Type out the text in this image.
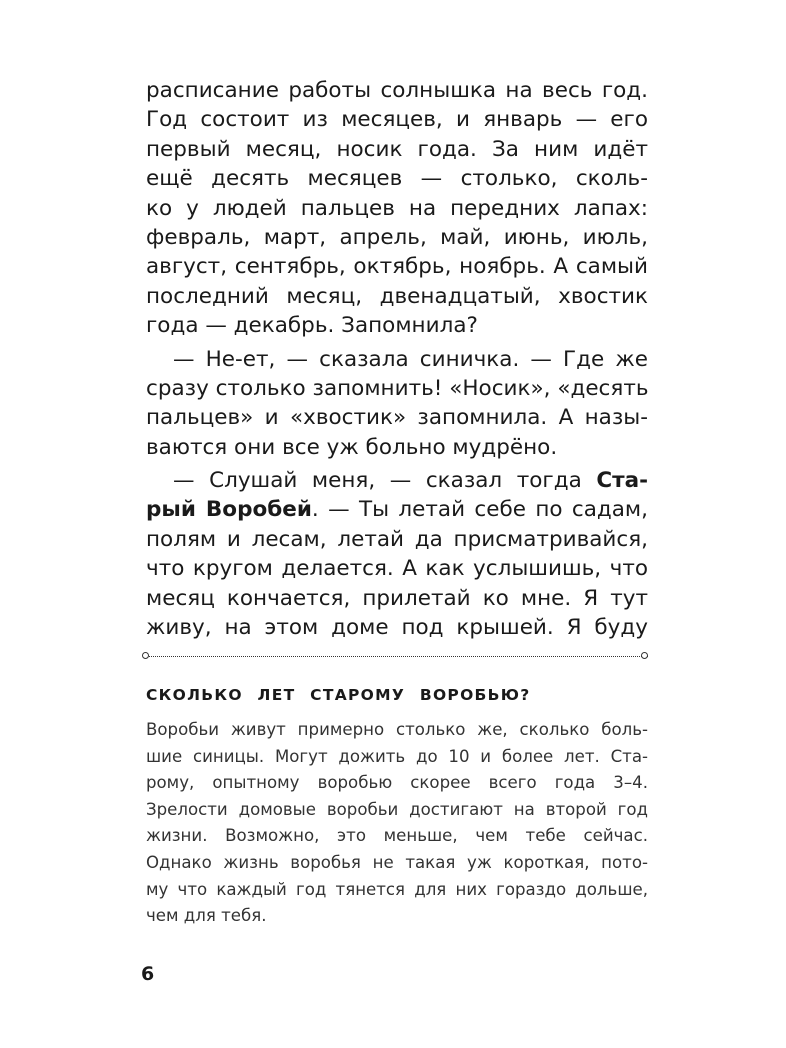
расписание работы солнышка на весь год.
Год состоит из месяцев, и январь — его
первый месяц, носик года. За ним идёт
ещё десять месяцев — столько, сколь-
ко у людей пальцев на передних лапах:
февраль, март, апрель, май, июнь, июль,
август, сентябрь, октябрь, ноябрь. А самый
последний месяц, двенадцатый, хвостик
года — декабрь. Запомнила?
— Не-ет, — сказала синичка. — Где же
сразу столько запомнить! «Носик», «десять
пальцев» и «хвостик» запомнила. А назы-
ваются они все уж больно мудрёно.
— Слушай меня, — сказал тогда Ста-
рый Воробей. — Ты летай себе по садам,
полям и лесам, летай да присматривайся,
что кругом делается. А как услышишь, что
месяц кончается, прилетай ко мне. Я тут
живу, на этом доме под крышей. Я буду
СКОЛЬКО ЛЕТ СТАРОМУ ВОРОБЬЮ?
Воробьи живут примерно столько же, сколько боль-
шие синицы. Могут дожить до 10 и более лет. Ста-
рому, опытному воробью скорее всего года 3–4.
Зрелости домовые воробьи достигают на второй год
жизни. Возможно, это меньше, чем тебе сейчас.
Однако жизнь воробья не такая уж короткая, пото-
му что каждый год тянется для них гораздо дольше,
чем для тебя.
6
